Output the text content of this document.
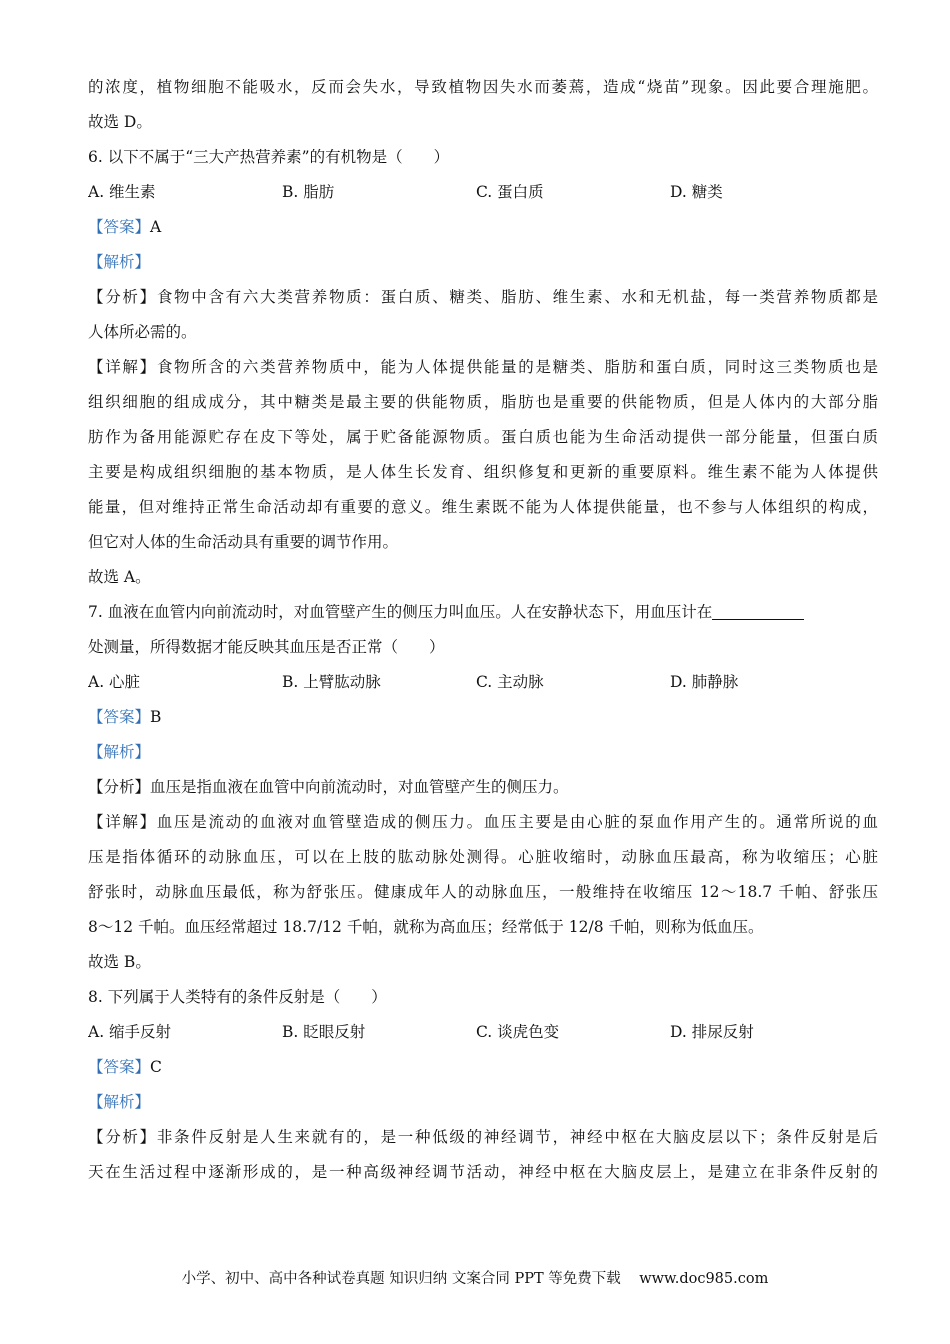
的浓度，植物细胞不能吸水，反而会失水，导致植物因失水而萎蔫，造成“烧苗”现象。因此要合理施肥。
故选 D。
6. 以下不属于“三大产热营养素”的有机物是（　　）
A. 维生素	B. 脂肪	C. 蛋白质	D. 糖类
【答案】A
【解析】
【分析】食物中含有六大类营养物质：蛋白质、糖类、脂肪、维生素、水和无机盐，每一类营养物质都是
人体所必需的。
【详解】食物所含的六类营养物质中，能为人体提供能量的是糖类、脂肪和蛋白质，同时这三类物质也是
组织细胞的组成成分，其中糖类是最主要的供能物质，脂肪也是重要的供能物质，但是人体内的大部分脂
肪作为备用能源贮存在皮下等处，属于贮备能源物质。蛋白质也能为生命活动提供一部分能量，但蛋白质
主要是构成组织细胞的基本物质，是人体生长发育、组织修复和更新的重要原料。维生素不能为人体提供
能量，但对维持正常生命活动却有重要的意义。维生素既不能为人体提供能量，也不参与人体组织的构成，
但它对人体的生命活动具有重要的调节作用。
故选 A。
7. 血液在血管内向前流动时，对血管壁产生的侧压力叫血压。人在安静状态下，用血压计在
处测量，所得数据才能反映其血压是否正常（　　）
A. 心脏	B. 上臂肱动脉	C. 主动脉	D. 肺静脉
【答案】B
【解析】
【分析】血压是指血液在血管中向前流动时，对血管壁产生的侧压力。
【详解】血压是流动的血液对血管壁造成的侧压力。血压主要是由心脏的泵血作用产生的。通常所说的血
压是指体循环的动脉血压，可以在上肢的肱动脉处测得。心脏收缩时，动脉血压最高，称为收缩压；心脏
舒张时，动脉血压最低，称为舒张压。健康成年人的动脉血压，一般维持在收缩压 12～18.7 千帕、舒张压
8～12 千帕。血压经常超过 18.7/12 千帕，就称为高血压；经常低于 12/8 千帕，则称为低血压。
故选 B。
8. 下列属于人类特有的条件反射是（　　）
A. 缩手反射	B. 眨眼反射	C. 谈虎色变	D. 排尿反射
【答案】C
【解析】
【分析】非条件反射是人生来就有的，是一种低级的神经调节，神经中枢在大脑皮层以下；条件反射是后
天在生活过程中逐渐形成的，是一种高级神经调节活动，神经中枢在大脑皮层上，是建立在非条件反射的
小学、初中、高中各种试卷真题 知识归纳 文案合同 PPT 等免费下载 www.doc985.com
